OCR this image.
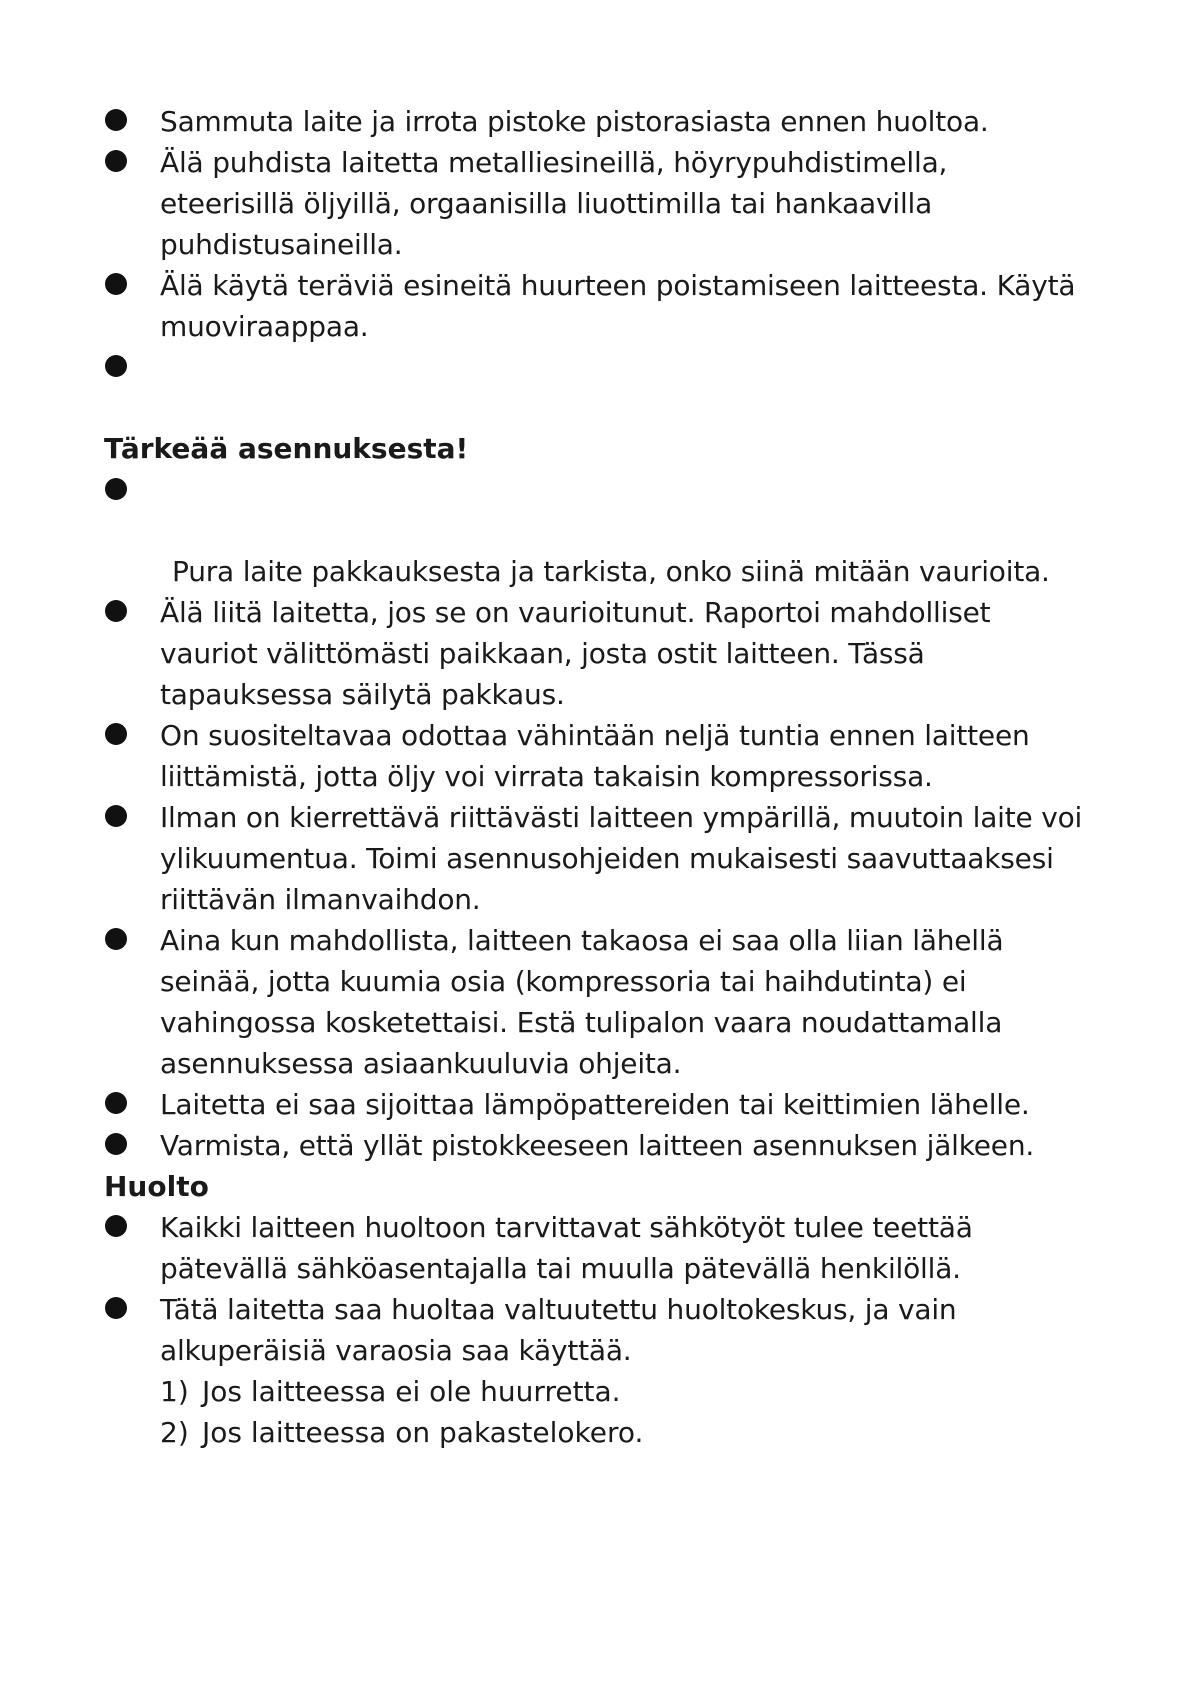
Sammuta laite ja irrota pistoke pistorasiasta ennen huoltoa.
Älä puhdista laitetta metalliesineillä, höyrypuhdistimella,
eteerisillä öljyillä, orgaanisilla liuottimilla tai hankaavilla
puhdistusaineilla.
Älä käytä teräviä esineitä huurteen poistamiseen laitteesta. Käytä
muoviraappaa.
Tärkeää asennuksesta!
Pura laite pakkauksesta ja tarkista, onko siinä mitään vaurioita.
Älä liitä laitetta, jos se on vaurioitunut. Raportoi mahdolliset
vauriot välittömästi paikkaan, josta ostit laitteen. Tässä
tapauksessa säilytä pakkaus.
On suositeltavaa odottaa vähintään neljä tuntia ennen laitteen
liittämistä, jotta öljy voi virrata takaisin kompressorissa.
Ilman on kierrettävä riittävästi laitteen ympärillä, muutoin laite voi
ylikuumentua. Toimi asennusohjeiden mukaisesti saavuttaaksesi
riittävän ilmanvaihdon.
Aina kun mahdollista, laitteen takaosa ei saa olla liian lähellä
seinää, jotta kuumia osia (kompressoria tai haihdutinta) ei
vahingossa kosketettaisi. Estä tulipalon vaara noudattamalla
asennuksessa asiaankuuluvia ohjeita.
Laitetta ei saa sijoittaa lämpöpattereiden tai keittimien lähelle.
Varmista, että yllät pistokkeeseen laitteen asennuksen jälkeen.
Huolto
Kaikki laitteen huoltoon tarvittavat sähkötyöt tulee teettää
pätevällä sähköasentajalla tai muulla pätevällä henkilöllä.
Tätä laitetta saa huoltaa valtuutettu huoltokeskus, ja vain
alkuperäisiä varaosia saa käyttää.
1) Jos laitteessa ei ole huurretta.
2) Jos laitteessa on pakastelokero.
